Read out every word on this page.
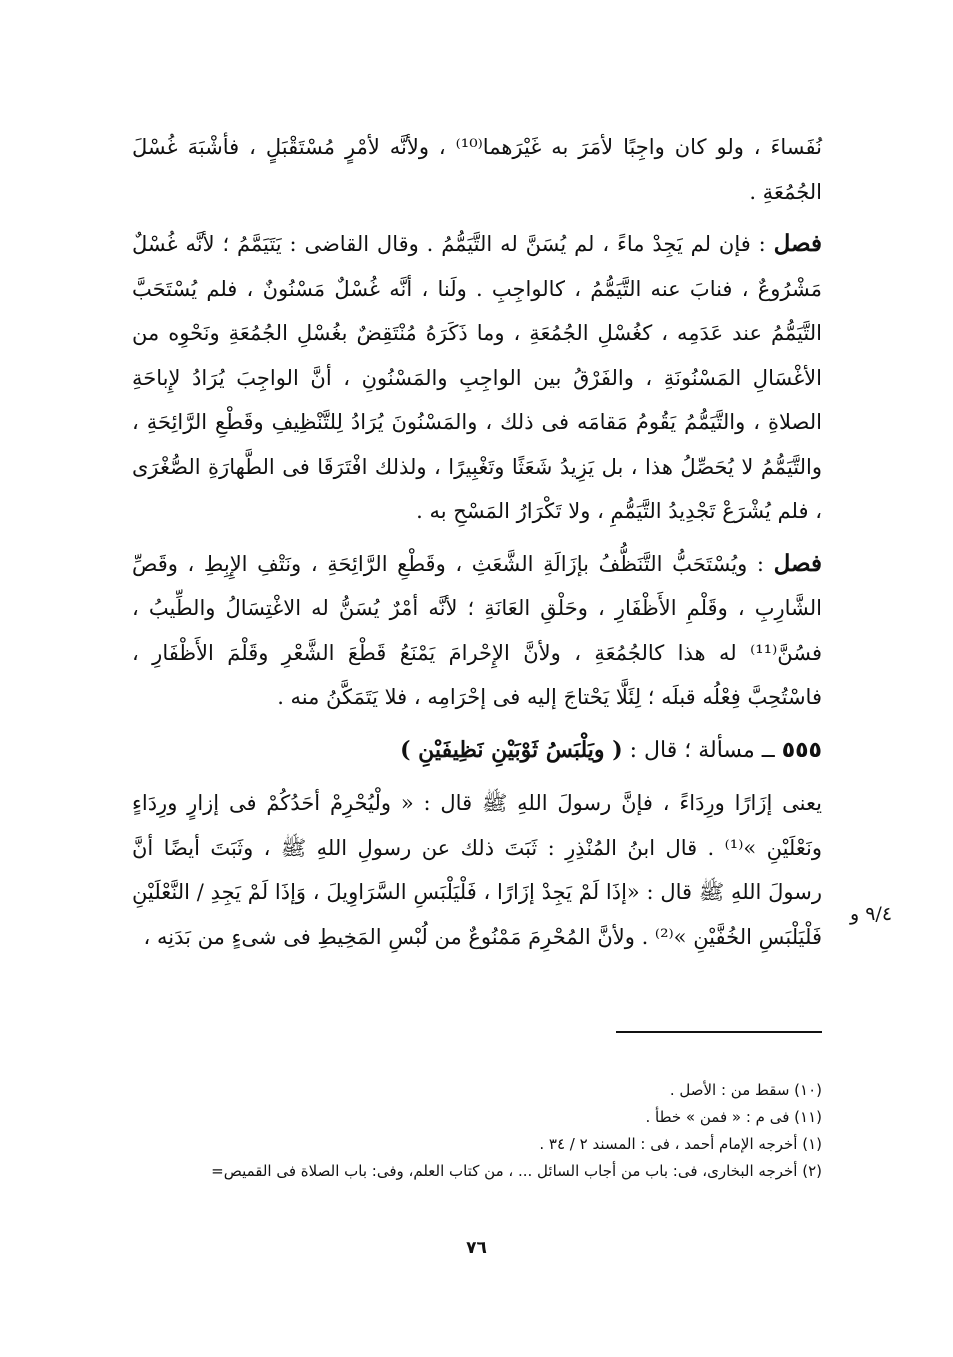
نُفَساءَ ، ولو كان واجِبًا لأمَرَ به غَيْرَهما⁽¹⁰⁾ ، ولأنَّه لأمْرٍ مُسْتَقْبَلٍ ، فأشْبَهَ غُسْلَ الجُمُعَةِ .

فصل : فإن لم يَجِدْ ماءً ، لم يُسَنَّ له التَّيَمُّمُ . وقال القاضى : يَتَيَمَّمُ ؛ لأنَّه غُسْلٌ مَشْرُوعٌ ، فنابَ عنه التَّيَمُّمُ ، كالواجِبِ . ولَنا ، أنَّه غُسْلٌ مَسْنُونٌ ، فلم يُسْتَحَبَّ التَّيَمُّمُ عند عَدَمِه ، كغُسْلِ الجُمُعَةِ ، وما ذَكَرَهُ مُنْتَقِضٌ بغُسْلِ الجُمُعَةِ ونَحْوِه من الأغْسَالِ المَسْنُونَةِ ، والفَرْقُ بين الواجِبِ والمَسْنُونِ ، أنَّ الواجِبَ يُرَادُ لإِباحَةِ الصلاةِ ، والتَّيَمُّمُ يَقُومُ مَقامَه فى ذلك ، والمَسْنُونَ يُرَادُ لِلتَّنْظِيفِ وقَطْعِ الرَّائِحَةِ ، والتَّيَمُّمُ لا يُحَصِّلُ هذا ، بل يَزِيدُ شَعَثًا وتَغْبِيرًا ، ولذلك افْتَرَقَا فى الطَّهارَةِ الصُّغْرَى ، فلم يُشْرَعْ تَجْدِيدُ التَّيَمُّمِ ، ولا تَكْرَارُ المَسْحِ به .

فصل : ويُسْتَحَبُّ التَّنَظُّفُ بإزَالَةِ الشَّعَثِ ، وقَطْعِ الرَّائِحَةِ ، ونَتْفِ الإِبِطِ ، وقَصِّ الشَّارِبِ ، وقَلْمِ الأَظْفَارِ ، وحَلْقِ العَانَةِ ؛ لأنَّه أمْرٌ يُسَنُّ له الاغْتِسَالُ والطِّيبُ ، فسُنَّ⁽¹¹⁾ له هذا كالجُمُعَةِ ، ولأنَّ الإِحْرامَ يَمْنَعُ قَطْعَ الشَّعْرِ وقَلْمَ الأَظْفَارِ ، فاسْتُحِبَّ فِعْلُه قبلَه ؛ لِئَلَّا يَحْتاجَ إليه فى إحْرَامِه ، فلا يَتَمَكَّنُ منه .

٥٥٥ ــ مسألة ؛ قال : ( ويَلْبَسُ ثَوْبَيْنِ نَظِيفَيْنِ )

يعنى إزَارًا ورِدَاءً ، فإنَّ رسولَ اللهِ ﷺ قال : « ولْيُحْرِمْ أحَدُكُمْ فى إزارٍ ورِدَاءٍ ونَعْلَيْنِ »⁽¹⁾ . قال ابنُ المُنْذِرِ : ثَبَتَ ذلك عن رسولِ اللهِ ﷺ ، وثَبَتَ أيضًا أنَّ رسولَ اللهِ ﷺ قال : «إذَا لَمْ يَجِدْ إزَارًا ، فَلْيَلْبَسِ السَّرَاوِيلَ ، وَإذَا لَمْ يَجِدِ / النَّعْلَيْنِ فَلْيَلْبَسِ الخُفَّيْنِ »⁽²⁾ . ولأنَّ المُحْرِمَ مَمْنُوعٌ من لُبْسِ المَخِيطِ فى شىءٍ من بَدَنِه ،

٩/٤ و
(١٠) سقط من : الأصل .
(١١) فى م : « فمن » خطأ .
(١) أخرجه الإمام أحمد ، فى : المسند ٢ / ٣٤ .
(٢) أخرجه البخارى، فى: باب من أجاب السائل ... ، من كتاب العلم، وفى: باب الصلاة فى القميص=
٧٦
